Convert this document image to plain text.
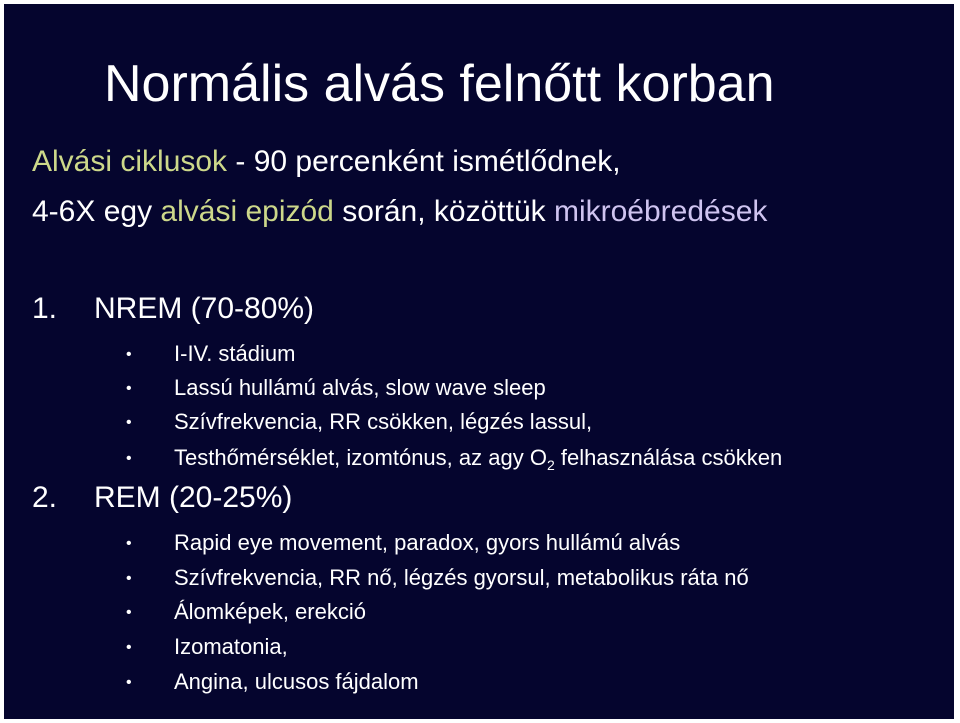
Normális alvás felnőtt korban
Alvási ciklusok - 90 percenként ismétlődnek,
4-6X egy alvási epizód során, közöttük mikroébredések
1. NREM (70-80%)
• I-IV. stádium
• Lassú hullámú alvás, slow wave sleep
• Szívfrekvencia, RR csökken, légzés lassul,
• Testhőmérséklet, izomtónus, az agy $O_2$ felhasználása csökken
2. REM (20-25%)
• Rapid eye movement, paradox, gyors hullámú alvás
• Szívfrekvencia, RR nő, légzés gyorsul, metabolikus ráta nő
• Álomképek, erekció
• Izomatonia,
• Angina, ulcusos fájdalom
